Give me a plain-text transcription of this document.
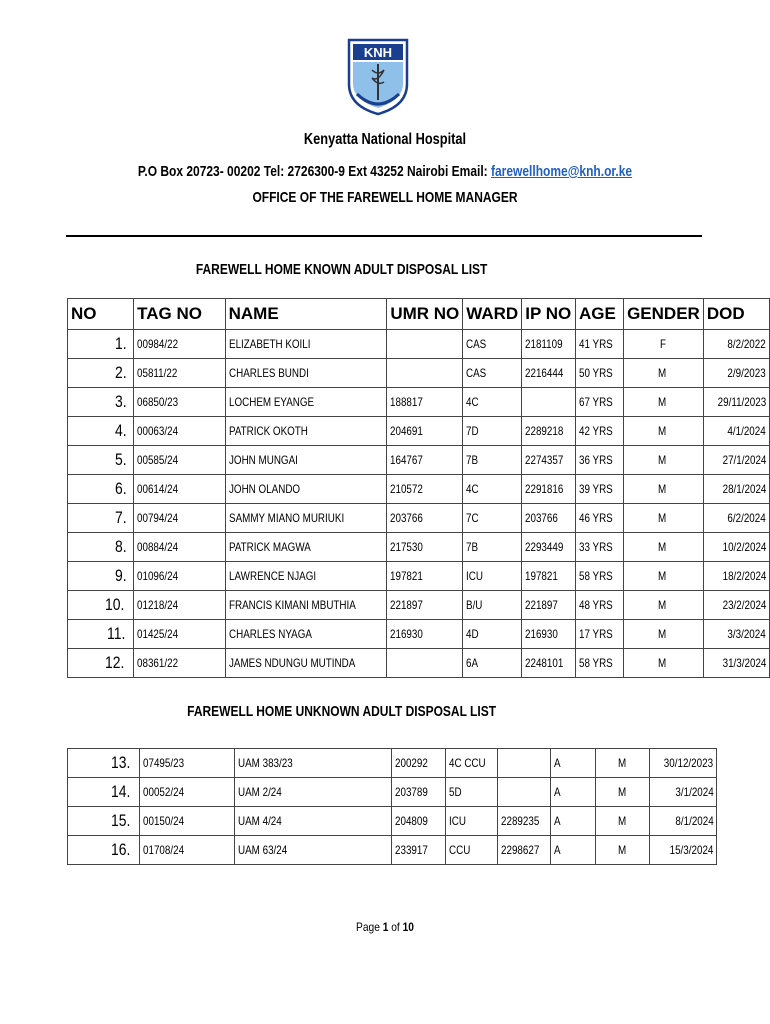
KNH
Kenyatta National Hospital
P.O Box 20723- 00202 Tel: 2726300-9 Ext 43252 Nairobi Email: farewellhome@knh.or.ke
OFFICE OF THE FAREWELL HOME MANAGER
FAREWELL HOME KNOWN ADULT DISPOSAL LIST
NO	TAG NO	NAME	UMR NO	WARD	IP NO	AGE	GENDER	DOD
1.	00984/22	ELIZABETH KOILI		CAS	2181109	41 YRS	F	8/2/2022
2.	05811/22	CHARLES BUNDI		CAS	2216444	50 YRS	M	2/9/2023
3.	06850/23	LOCHEM EYANGE	188817	4C		67 YRS	M	29/11/2023
4.	00063/24	PATRICK OKOTH	204691	7D	2289218	42 YRS	M	4/1/2024
5.	00585/24	JOHN MUNGAI	164767	7B	2274357	36 YRS	M	27/1/2024
6.	00614/24	JOHN OLANDO	210572	4C	2291816	39 YRS	M	28/1/2024
7.	00794/24	SAMMY MIANO MURIUKI	203766	7C	203766	46 YRS	M	6/2/2024
8.	00884/24	PATRICK MAGWA	217530	7B	2293449	33 YRS	M	10/2/2024
9.	01096/24	LAWRENCE NJAGI	197821	ICU	197821	58 YRS	M	18/2/2024
10.	01218/24	FRANCIS KIMANI MBUTHIA	221897	B/U	221897	48 YRS	M	23/2/2024
11.	01425/24	CHARLES NYAGA	216930	4D	216930	17 YRS	M	3/3/2024
12.	08361/22	JAMES NDUNGU MUTINDA		6A	2248101	58 YRS	M	31/3/2024
FAREWELL HOME UNKNOWN ADULT DISPOSAL LIST
13.	07495/23	UAM 383/23	200292	4C CCU		A	M	30/12/2023
14.	00052/24	UAM 2/24	203789	5D		A	M	3/1/2024
15.	00150/24	UAM 4/24	204809	ICU	2289235	A	M	8/1/2024
16.	01708/24	UAM 63/24	233917	CCU	2298627	A	M	15/3/2024
Page 1 of 10
